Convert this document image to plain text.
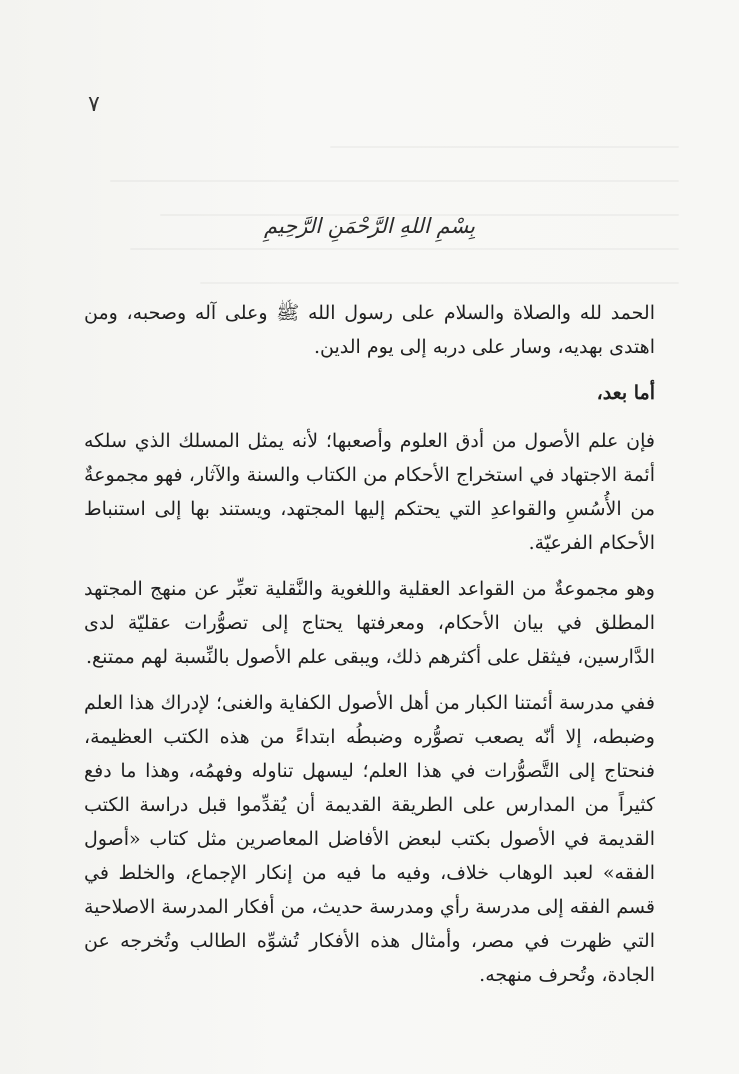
٧
بِسْمِ اللهِ الرَّحْمَنِ الرَّحِيمِ

الحمد لله والصلاة والسلام على رسول الله ﷺ وعلى آله وصحبه، ومن اهتدى بهديه، وسار على دربه إلى يوم الدين.

أما بعد،

فإن علم الأصول من أدق العلوم وأصعبها؛ لأنه يمثل المسلك الذي سلكه أئمة الاجتهاد في استخراج الأحكام من الكتاب والسنة والآثار، فهو مجموعةٌ من الأُسُسِ والقواعدِ التي يحتكم إليها المجتهد، ويستند بها إلى استنباط الأحكام الفرعيّة.

وهو مجموعةٌ من القواعد العقلية واللغوية والنَّقلية تعبِّر عن منهج المجتهد المطلق في بيان الأحكام، ومعرفتها يحتاج إلى تصوُّرات عقليّة لدى الدَّارسين، فيثقل على أكثرهم ذلك، ويبقى علم الأصول بالنِّسبة لهم ممتنع.

ففي مدرسة أئمتنا الكبار من أهل الأصول الكفاية والغنى؛ لإدراك هذا العلم وضبطه، إلا أنّه يصعب تصوُّره وضبطُه ابتداءً من هذه الكتب العظيمة، فنحتاج إلى التَّصوُّرات في هذا العلم؛ ليسهل تناوله وفهمُه، وهذا ما دفع كثيراً من المدارس على الطريقة القديمة أن يُقدِّموا قبل دراسة الكتب القديمة في الأصول بكتب لبعض الأفاضل المعاصرين مثل كتاب «أصول الفقه» لعبد الوهاب خلاف، وفيه ما فيه من إنكار الإجماع، والخلط في قسم الفقه إلى مدرسة رأي ومدرسة حديث، من أفكار المدرسة الاصلاحية التي ظهرت في مصر، وأمثال هذه الأفكار تُشوِّه الطالب وتُخرجه عن الجادة، وتُحرف منهجه.
